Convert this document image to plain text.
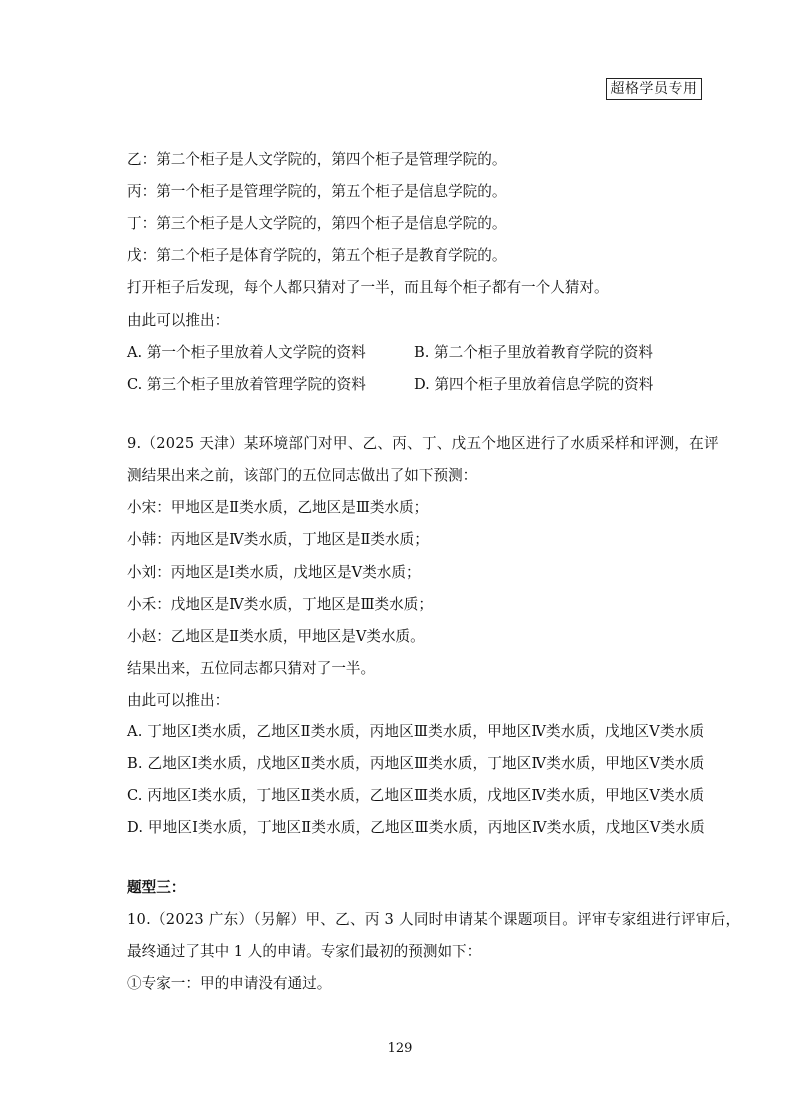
超格学员专用
乙：第二个柜子是人文学院的，第四个柜子是管理学院的。
丙：第一个柜子是管理学院的，第五个柜子是信息学院的。
丁：第三个柜子是人文学院的，第四个柜子是信息学院的。
戊：第二个柜子是体育学院的，第五个柜子是教育学院的。
打开柜子后发现，每个人都只猜对了一半，而且每个柜子都有一个人猜对。
由此可以推出：
A. 第一个柜子里放着人文学院的资料	B. 第二个柜子里放着教育学院的资料
C. 第三个柜子里放着管理学院的资料	D. 第四个柜子里放着信息学院的资料
9.（2025 天津）某环境部门对甲、乙、丙、丁、戊五个地区进行了水质采样和评测，在评
测结果出来之前，该部门的五位同志做出了如下预测：
小宋：甲地区是Ⅱ类水质，乙地区是Ⅲ类水质；
小韩：丙地区是Ⅳ类水质，丁地区是Ⅱ类水质；
小刘：丙地区是Ⅰ类水质，戊地区是Ⅴ类水质；
小禾：戊地区是Ⅳ类水质，丁地区是Ⅲ类水质；
小赵：乙地区是Ⅱ类水质，甲地区是Ⅴ类水质。
结果出来，五位同志都只猜对了一半。
由此可以推出：
A. 丁地区Ⅰ类水质，乙地区Ⅱ类水质，丙地区Ⅲ类水质，甲地区Ⅳ类水质，戊地区Ⅴ类水质
B. 乙地区Ⅰ类水质，戊地区Ⅱ类水质，丙地区Ⅲ类水质，丁地区Ⅳ类水质，甲地区Ⅴ类水质
C. 丙地区Ⅰ类水质，丁地区Ⅱ类水质，乙地区Ⅲ类水质，戊地区Ⅳ类水质，甲地区Ⅴ类水质
D. 甲地区Ⅰ类水质，丁地区Ⅱ类水质，乙地区Ⅲ类水质，丙地区Ⅳ类水质，戊地区Ⅴ类水质
题型三：
10.（2023 广东）（另解）甲、乙、丙 3 人同时申请某个课题项目。评审专家组进行评审后，
最终通过了其中 1 人的申请。专家们最初的预测如下：
①专家一：甲的申请没有通过。
129
